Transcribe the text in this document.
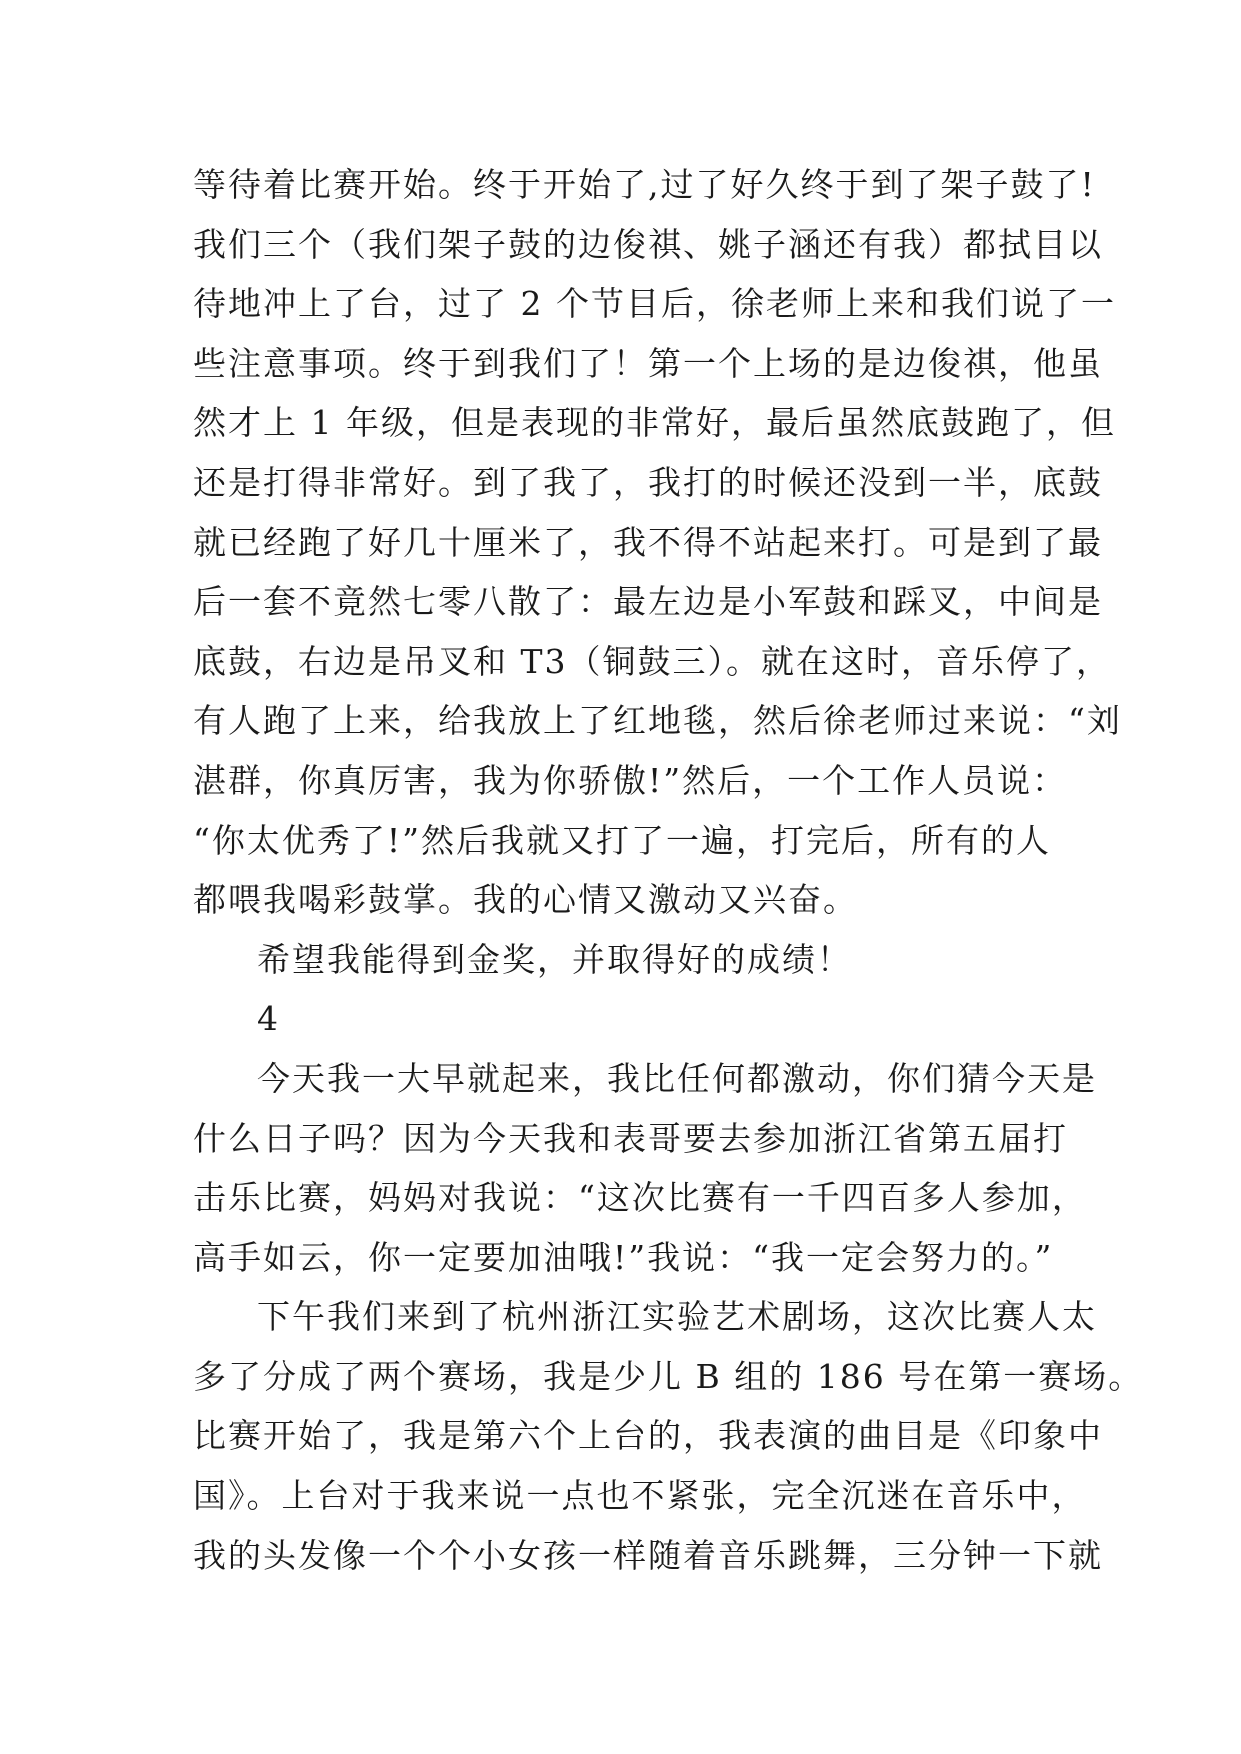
等待着比赛开始。终于开始了,过了好久终于到了架子鼓了!
我们三个（我们架子鼓的边俊祺、姚子涵还有我）都拭目以
待地冲上了台，过了 2 个节目后，徐老师上来和我们说了一
些注意事项。终于到我们了！第一个上场的是边俊祺，他虽
然才上 1 年级，但是表现的非常好，最后虽然底鼓跑了，但
还是打得非常好。到了我了，我打的时候还没到一半，底鼓
就已经跑了好几十厘米了，我不得不站起来打。可是到了最
后一套不竟然七零八散了：最左边是小军鼓和踩叉，中间是
底鼓，右边是吊叉和 T3（铜鼓三）。就在这时，音乐停了，
有人跑了上来，给我放上了红地毯，然后徐老师过来说：“刘
湛群，你真厉害，我为你骄傲!”然后，一个工作人员说：
“你太优秀了!”然后我就又打了一遍，打完后，所有的人
都喂我喝彩鼓掌。我的心情又激动又兴奋。
希望我能得到金奖，并取得好的成绩！
4
今天我一大早就起来，我比任何都激动，你们猜今天是
什么日子吗？因为今天我和表哥要去参加浙江省第五届打
击乐比赛，妈妈对我说：“这次比赛有一千四百多人参加，
高手如云，你一定要加油哦!”我说：“我一定会努力的。”
下午我们来到了杭州浙江实验艺术剧场，这次比赛人太
多了分成了两个赛场，我是少儿 B 组的 186 号在第一赛场。
比赛开始了，我是第六个上台的，我表演的曲目是《印象中
国》。上台对于我来说一点也不紧张，完全沉迷在音乐中，
我的头发像一个个小女孩一样随着音乐跳舞，三分钟一下就
